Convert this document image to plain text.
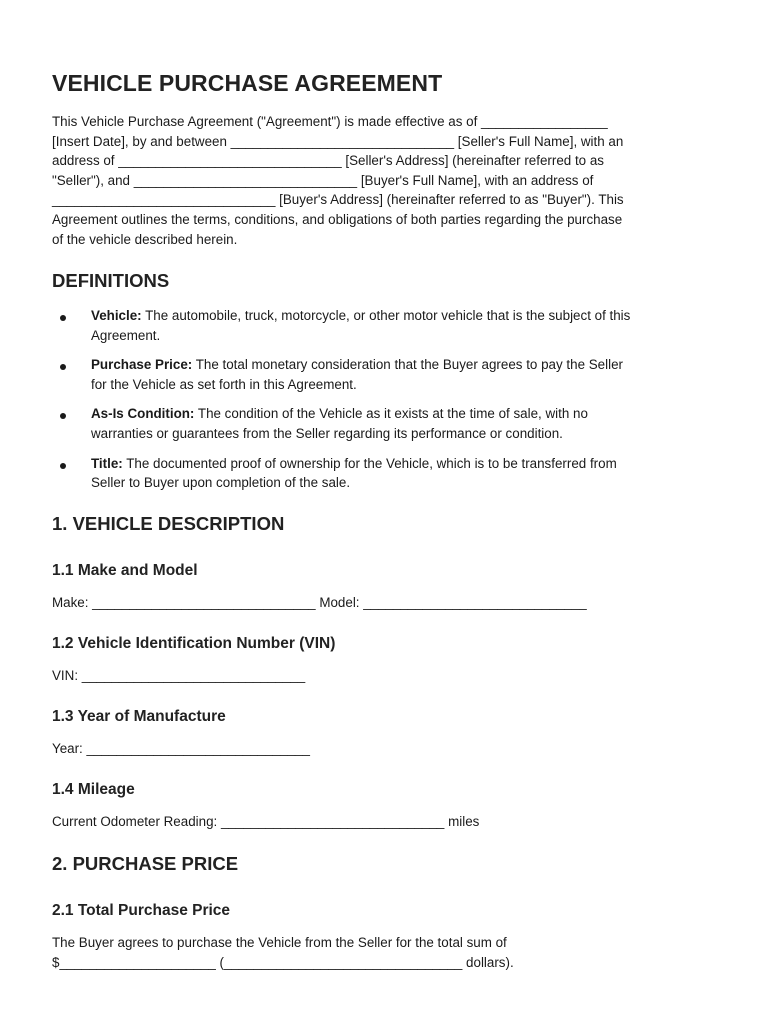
VEHICLE PURCHASE AGREEMENT

This Vehicle Purchase Agreement ("Agreement") is made effective as of _________________
[Insert Date], by and between ______________________________ [Seller's Full Name], with an
address of ______________________________ [Seller's Address] (hereinafter referred to as
"Seller"), and ______________________________ [Buyer's Full Name], with an address of
______________________________ [Buyer's Address] (hereinafter referred to as "Buyer"). This
Agreement outlines the terms, conditions, and obligations of both parties regarding the purchase
of the vehicle described herein.

DEFINITIONS
Vehicle: The automobile, truck, motorcycle, or other motor vehicle that is the subject of this
Agreement.
Purchase Price: The total monetary consideration that the Buyer agrees to pay the Seller
for the Vehicle as set forth in this Agreement.
As-Is Condition: The condition of the Vehicle as it exists at the time of sale, with no
warranties or guarantees from the Seller regarding its performance or condition.
Title: The documented proof of ownership for the Vehicle, which is to be transferred from
Seller to Buyer upon completion of the sale.
1. VEHICLE DESCRIPTION
1.1 Make and Model

Make: ______________________________ Model: ______________________________

1.2 Vehicle Identification Number (VIN)

VIN: ______________________________

1.3 Year of Manufacture

Year: ______________________________

1.4 Mileage

Current Odometer Reading: ______________________________ miles

2. PURCHASE PRICE
2.1 Total Purchase Price

The Buyer agrees to purchase the Vehicle from the Seller for the total sum of
$_____________________ (________________________________ dollars).
